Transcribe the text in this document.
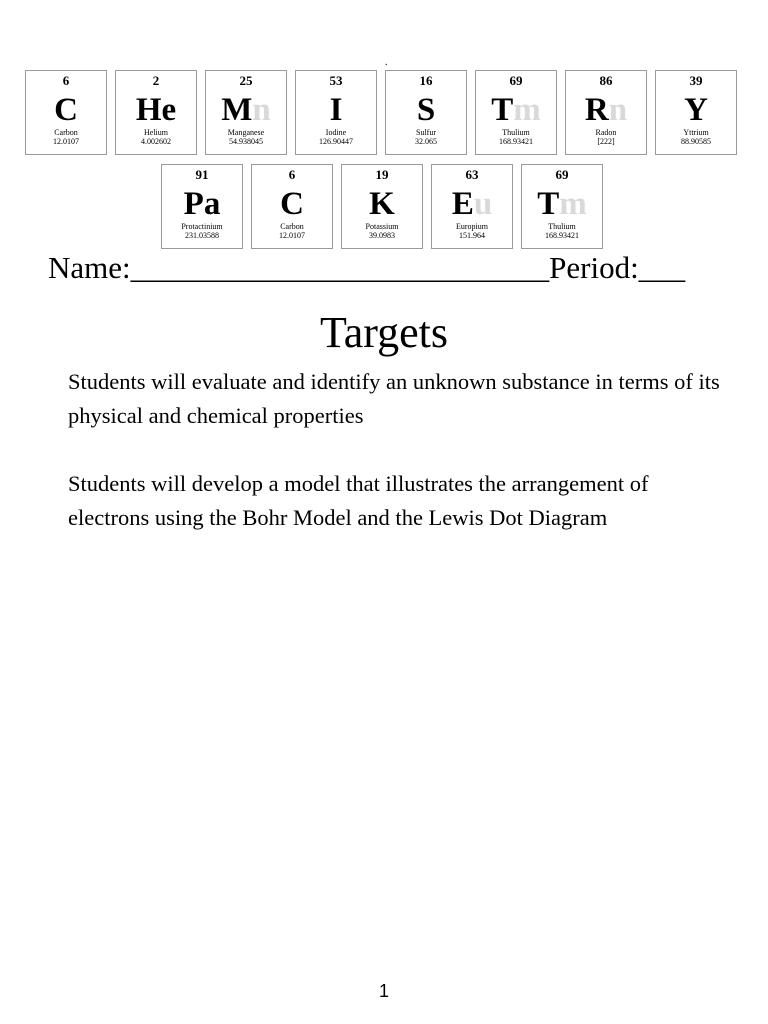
.
6
C
Carbon
12.0107
2
He
Helium
4.002602
25
Mn
Manganese
54.938045
53
I
Iodine
126.90447
16
S
Sulfur
32.065
69
Tm
Thulium
168.93421
86
Rn
Radon
[222]
39
Y
Yttrium
88.90585
91
Pa
Protactinium
231.03588
6
C
Carbon
12.0107
19
K
Potassium
39.0983
63
Eu
Europium
151.964
69
Tm
Thulium
168.93421
Name:___________________________Period:___
Targets
Students will evaluate and identify an unknown substance in terms of its physical and chemical properties
Students will develop a model that illustrates the arrangement of electrons using the Bohr Model and the Lewis Dot Diagram
1
